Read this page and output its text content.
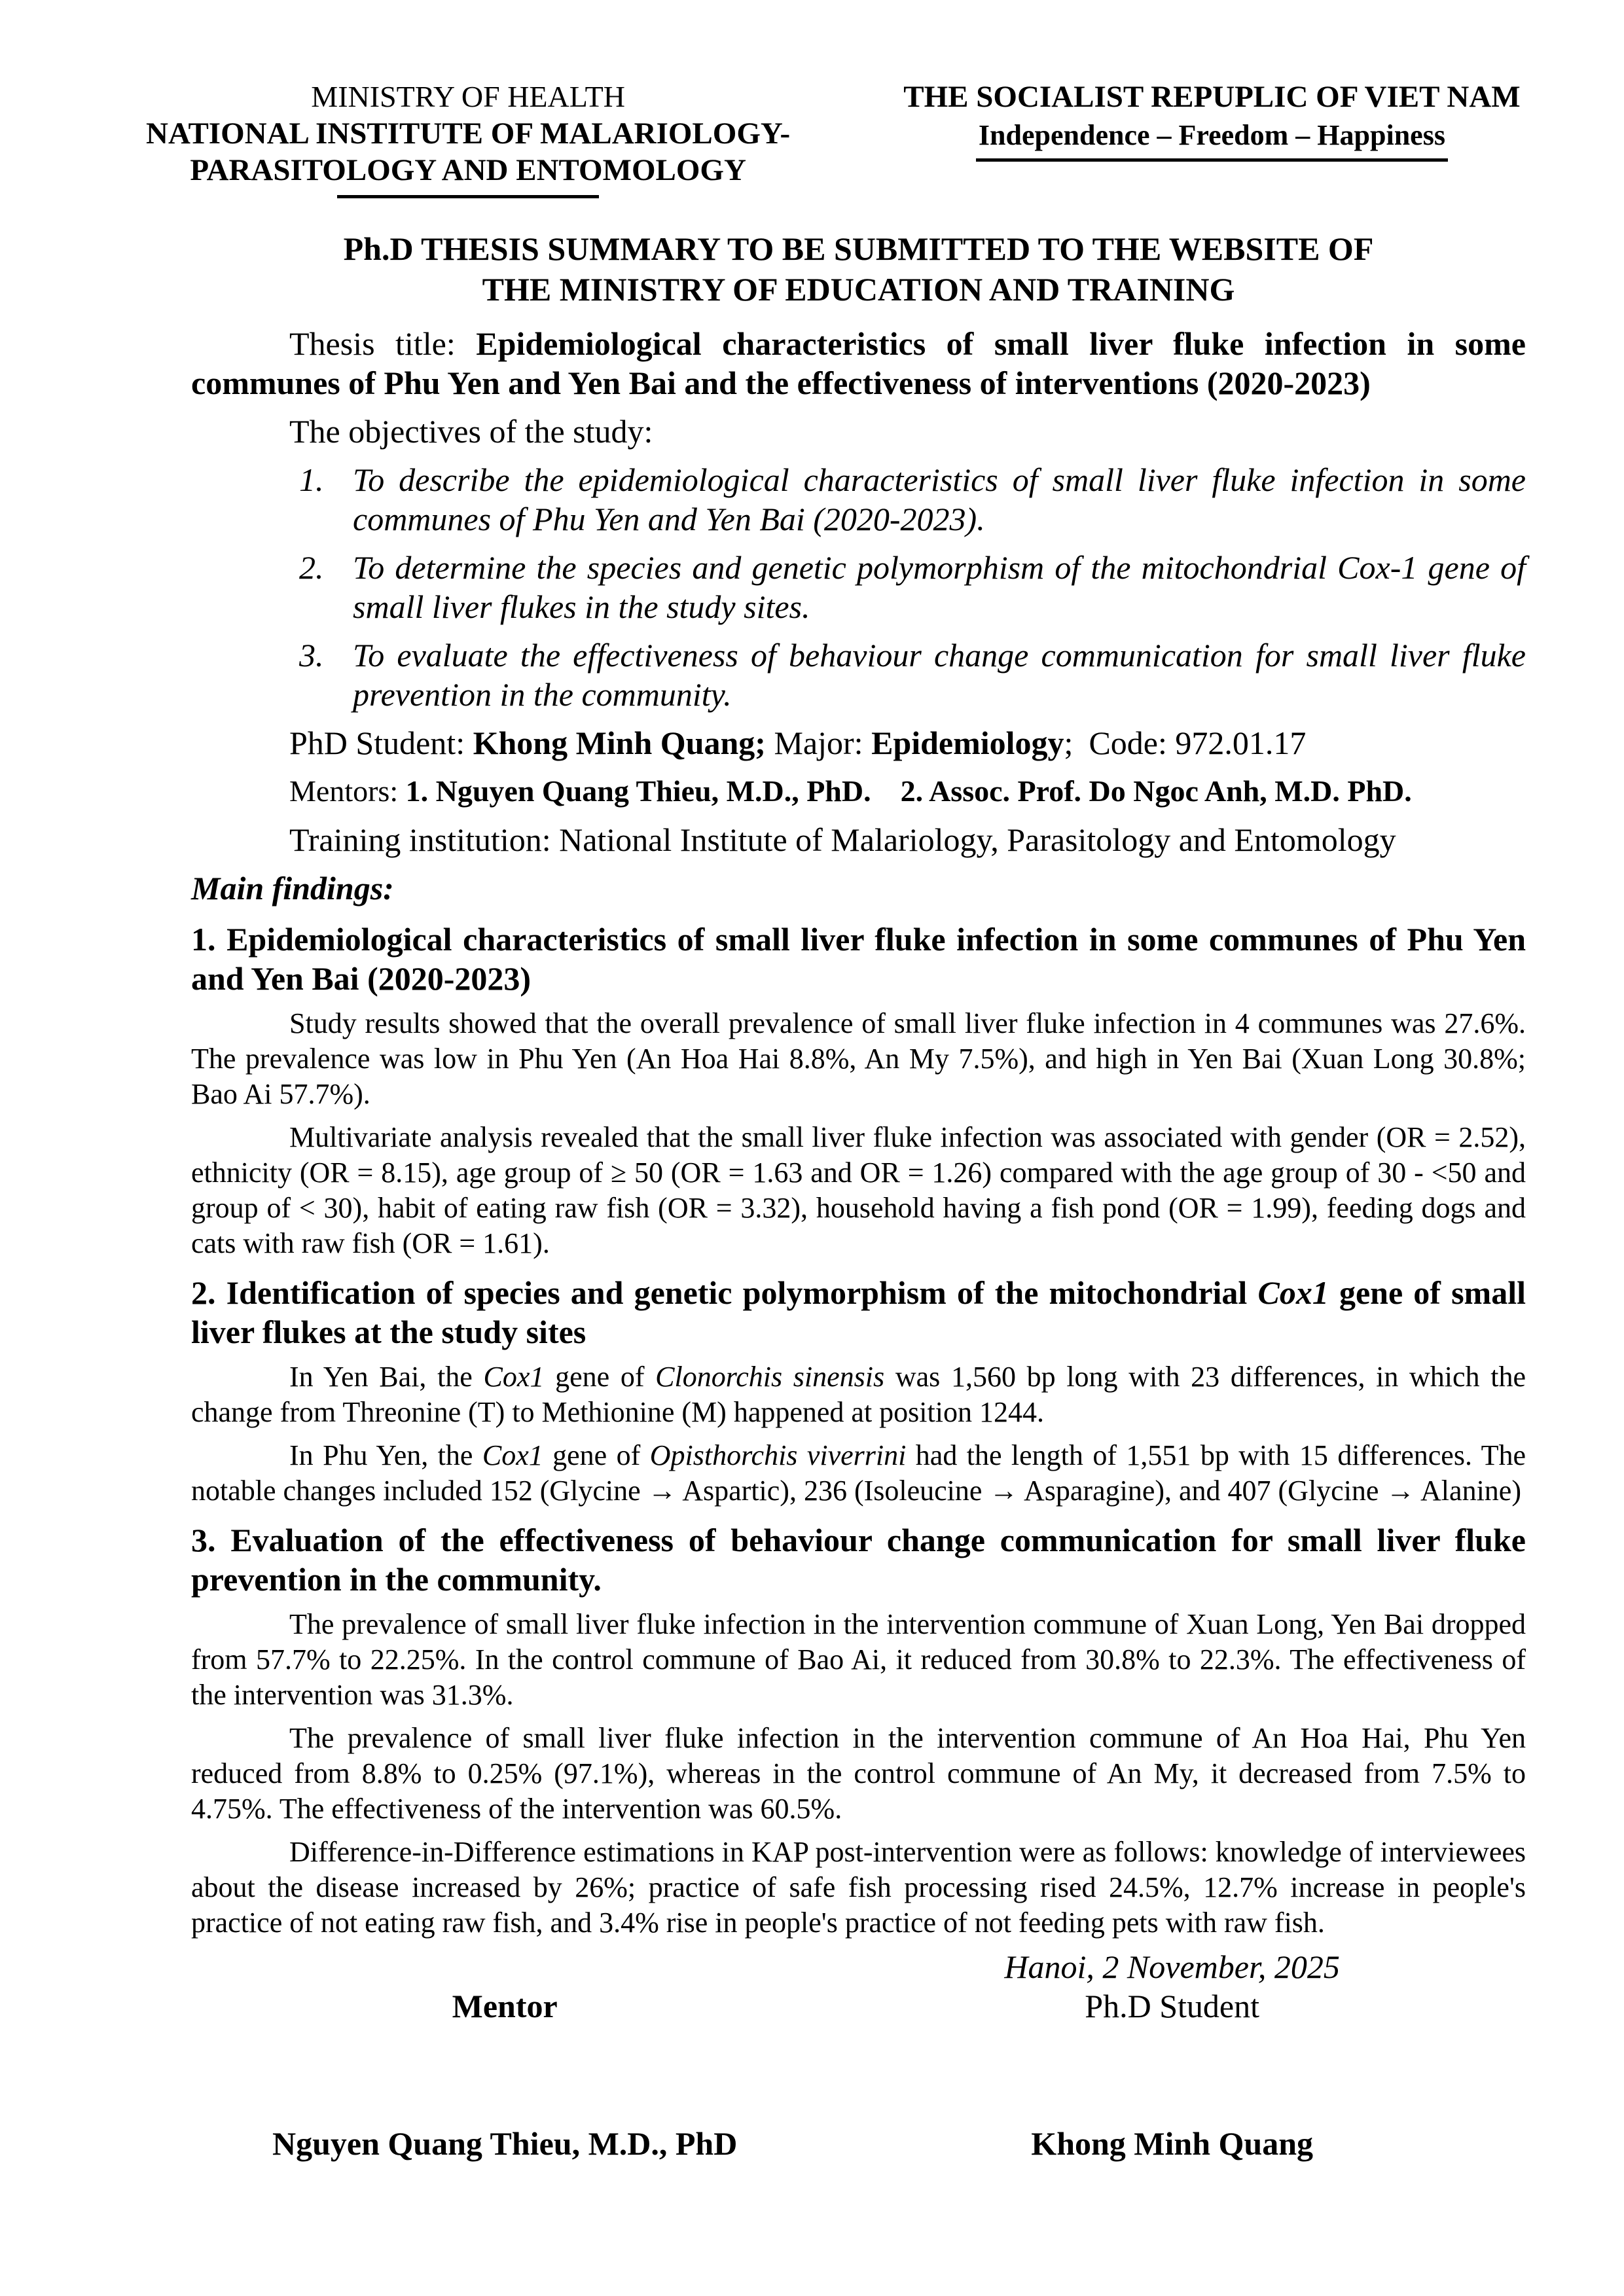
MINISTRY OF HEALTH
NATIONAL INSTITUTE OF MALARIOLOGY-
PARASITOLOGY AND ENTOMOLOGY
THE SOCIALIST REPUPLIC OF VIET NAM
Independence – Freedom – Happiness
Ph.D THESIS SUMMARY TO BE SUBMITTED TO THE WEBSITE OF
THE MINISTRY OF EDUCATION AND TRAINING

Thesis title: Epidemiological characteristics of small liver fluke infection in some communes of Phu Yen and Yen Bai and the effectiveness of interventions (2020-2023)

The objectives of the study:

1. To describe the epidemiological characteristics of small liver fluke infection in some communes of Phu Yen and Yen Bai (2020-2023).
2. To determine the species and genetic polymorphism of the mitochondrial Cox-1 gene of small liver flukes in the study sites.
3. To evaluate the effectiveness of behaviour change communication for small liver fluke prevention in the community.

PhD Student: Khong Minh Quang; Major: Epidemiology; Code: 972.01.17

Mentors: 1. Nguyen Quang Thieu, M.D., PhD. 2. Assoc. Prof. Do Ngoc Anh, M.D. PhD.

Training institution: National Institute of Malariology, Parasitology and Entomology

Main findings:

1. Epidemiological characteristics of small liver fluke infection in some communes of Phu Yen and Yen Bai (2020-2023)

Study results showed that the overall prevalence of small liver fluke infection in 4 communes was 27.6%. The prevalence was low in Phu Yen (An Hoa Hai 8.8%, An My 7.5%), and high in Yen Bai (Xuan Long 30.8%; Bao Ai 57.7%).

Multivariate analysis revealed that the small liver fluke infection was associated with gender (OR = 2.52), ethnicity (OR = 8.15), age group of ≥ 50 (OR = 1.63 and OR = 1.26) compared with the age group of 30 - <50 and group of < 30), habit of eating raw fish (OR = 3.32), household having a fish pond (OR = 1.99), feeding dogs and cats with raw fish (OR = 1.61).

2. Identification of species and genetic polymorphism of the mitochondrial Cox1 gene of small liver flukes at the study sites

In Yen Bai, the Cox1 gene of Clonorchis sinensis was 1,560 bp long with 23 differences, in which the change from Threonine (T) to Methionine (M) happened at position 1244.

In Phu Yen, the Cox1 gene of Opisthorchis viverrini had the length of 1,551 bp with 15 differences. The notable changes included 152 (Glycine → Aspartic), 236 (Isoleucine → Asparagine), and 407 (Glycine → Alanine)

3. Evaluation of the effectiveness of behaviour change communication for small liver fluke prevention in the community.

The prevalence of small liver fluke infection in the intervention commune of Xuan Long, Yen Bai dropped from 57.7% to 22.25%. In the control commune of Bao Ai, it reduced from 30.8% to 22.3%. The effectiveness of the intervention was 31.3%.

The prevalence of small liver fluke infection in the intervention commune of An Hoa Hai, Phu Yen reduced from 8.8% to 0.25% (97.1%), whereas in the control commune of An My, it decreased from 7.5% to 4.75%. The effectiveness of the intervention was 60.5%.

Difference-in-Difference estimations in KAP post-intervention were as follows: knowledge of interviewees about the disease increased by 26%; practice of safe fish processing rised 24.5%, 12.7% increase in people's practice of not eating raw fish, and 3.4% rise in people's practice of not feeding pets with raw fish.

Hanoi, 2 November, 2025
Mentor	Ph.D Student
Nguyen Quang Thieu, M.D., PhD	Khong Minh Quang
